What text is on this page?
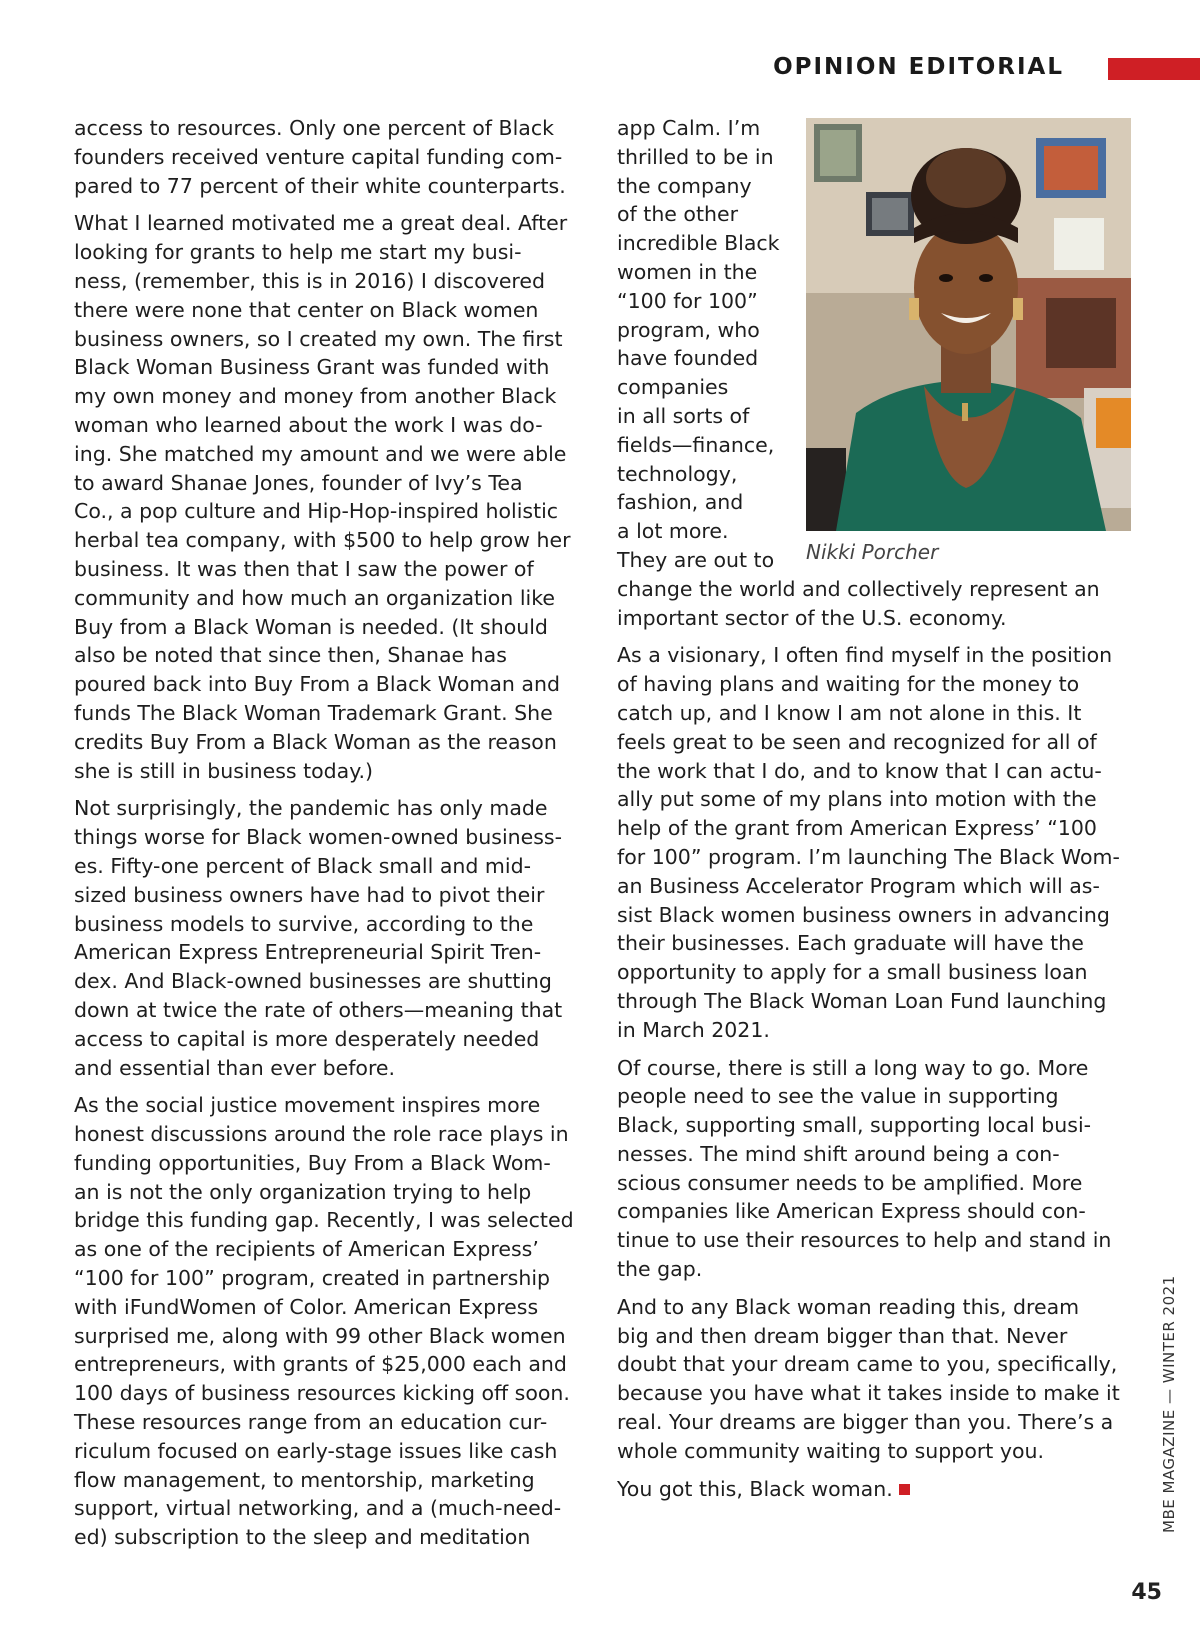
OPINION EDITORIAL

access to resources. Only one percent of Black
founders received venture capital funding com-
pared to 77 percent of their white counterparts.

What I learned motivated me a great deal. After
looking for grants to help me start my busi-
ness, (remember, this is in 2016) I discovered
there were none that center on Black women
business owners, so I created my own. The first
Black Woman Business Grant was funded with
my own money and money from another Black
woman who learned about the work I was do-
ing. She matched my amount and we were able
to award Shanae Jones, founder of Ivy’s Tea
Co., a pop culture and Hip-Hop-inspired holistic
herbal tea company, with $500 to help grow her
business. It was then that I saw the power of
community and how much an organization like
Buy from a Black Woman is needed. (It should
also be noted that since then, Shanae has
poured back into Buy From a Black Woman and
funds The Black Woman Trademark Grant. She
credits Buy From a Black Woman as the reason
she is still in business today.)

Not surprisingly, the pandemic has only made
things worse for Black women-owned business-
es. Fifty-one percent of Black small and mid-
sized business owners have had to pivot their
business models to survive, according to the
American Express Entrepreneurial Spirit Tren-
dex. And Black-owned businesses are shutting
down at twice the rate of others—meaning that
access to capital is more desperately needed
and essential than ever before.

As the social justice movement inspires more
honest discussions around the role race plays in
funding opportunities, Buy From a Black Wom-
an is not the only organization trying to help
bridge this funding gap. Recently, I was selected
as one of the recipients of American Express’
“100 for 100” program, created in partnership
with iFundWomen of Color. American Express
surprised me, along with 99 other Black women
entrepreneurs, with grants of $25,000 each and
100 days of business resources kicking off soon.
These resources range from an education cur-
riculum focused on early-stage issues like cash
flow management, to mentorship, marketing
support, virtual networking, and a (much-need-
ed) subscription to the sleep and meditation

app Calm. I’m
thrilled to be in
the company
of the other
incredible Black
women in the
“100 for 100”
program, who
have founded
companies
in all sorts of
fields—finance,
technology,
fashion, and
a lot more.
They are out to
change the world and collectively represent an
important sector of the U.S. economy.

As a visionary, I often find myself in the position
of having plans and waiting for the money to
catch up, and I know I am not alone in this. It
feels great to be seen and recognized for all of
the work that I do, and to know that I can actu-
ally put some of my plans into motion with the
help of the grant from American Express’ “100
for 100” program. I’m launching The Black Wom-
an Business Accelerator Program which will as-
sist Black women business owners in advancing
their businesses. Each graduate will have the
opportunity to apply for a small business loan
through The Black Woman Loan Fund launching
in March 2021.

Of course, there is still a long way to go. More
people need to see the value in supporting
Black, supporting small, supporting local busi-
nesses. The mind shift around being a con-
scious consumer needs to be amplified. More
companies like American Express should con-
tinue to use their resources to help and stand in
the gap.

And to any Black woman reading this, dream
big and then dream bigger than that. Never
doubt that your dream came to you, specifically,
because you have what it takes inside to make it
real. Your dreams are bigger than you. There’s a
whole community waiting to support you.

You got this, Black woman.

Nikki Porcher
MBE MAGAZINE — WINTER 2021
45
